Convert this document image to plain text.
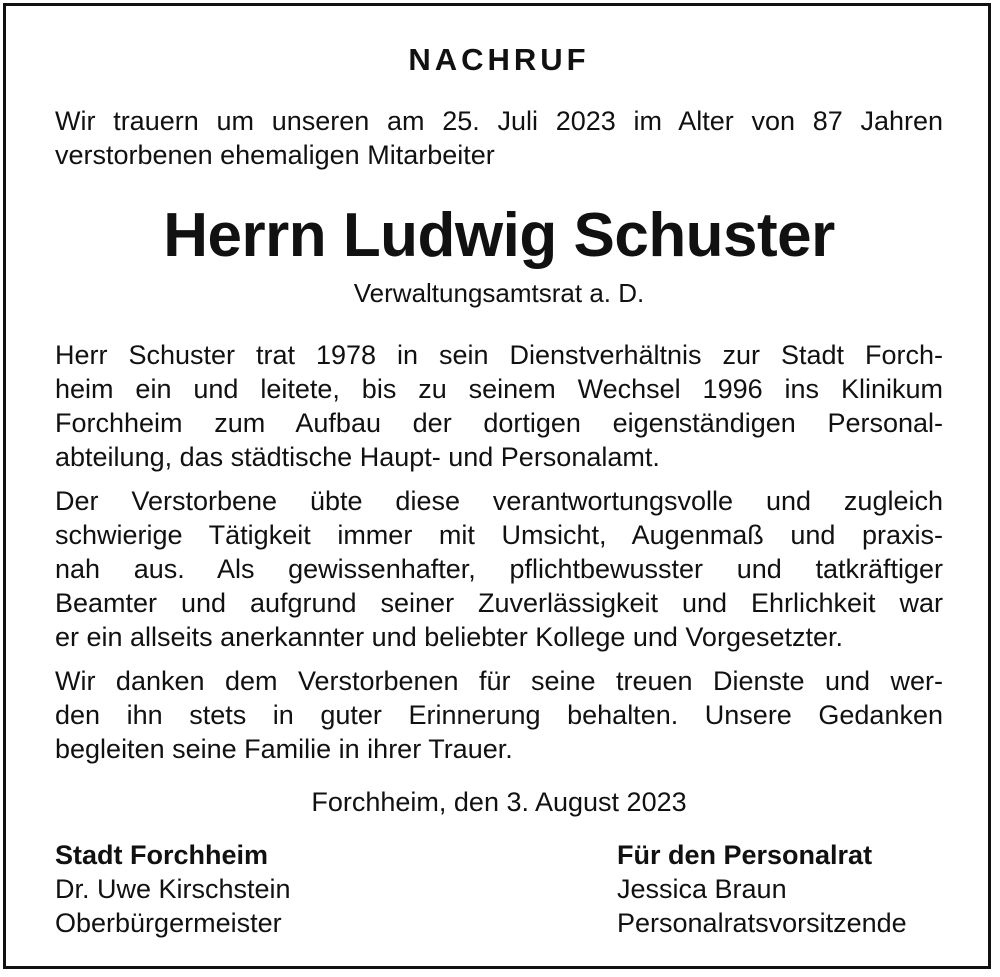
NACHRUF
Wir trauern um unseren am 25. Juli 2023 im Alter von 87 Jahren
verstorbenen ehemaligen Mitarbeiter
Herrn Ludwig Schuster
Verwaltungsamtsrat a. D.
Herr Schuster trat 1978 in sein Dienstverhältnis zur Stadt Forch-
heim ein und leitete, bis zu seinem Wechsel 1996 ins Klinikum
Forchheim zum Aufbau der dortigen eigenständigen Personal-
abteilung, das städtische Haupt- und Personalamt.
Der Verstorbene übte diese verantwortungsvolle und zugleich
schwierige Tätigkeit immer mit Umsicht, Augenmaß und praxis-
nah aus. Als gewissenhafter, pflichtbewusster und tatkräftiger
Beamter und aufgrund seiner Zuverlässigkeit und Ehrlichkeit war
er ein allseits anerkannter und beliebter Kollege und Vorgesetzter.
Wir danken dem Verstorbenen für seine treuen Dienste und wer-
den ihn stets in guter Erinnerung behalten. Unsere Gedanken
begleiten seine Familie in ihrer Trauer.
Forchheim, den 3. August 2023
Stadt Forchheim
Dr. Uwe Kirschstein
Oberbürgermeister
Für den Personalrat
Jessica Braun
Personalratsvorsitzende
